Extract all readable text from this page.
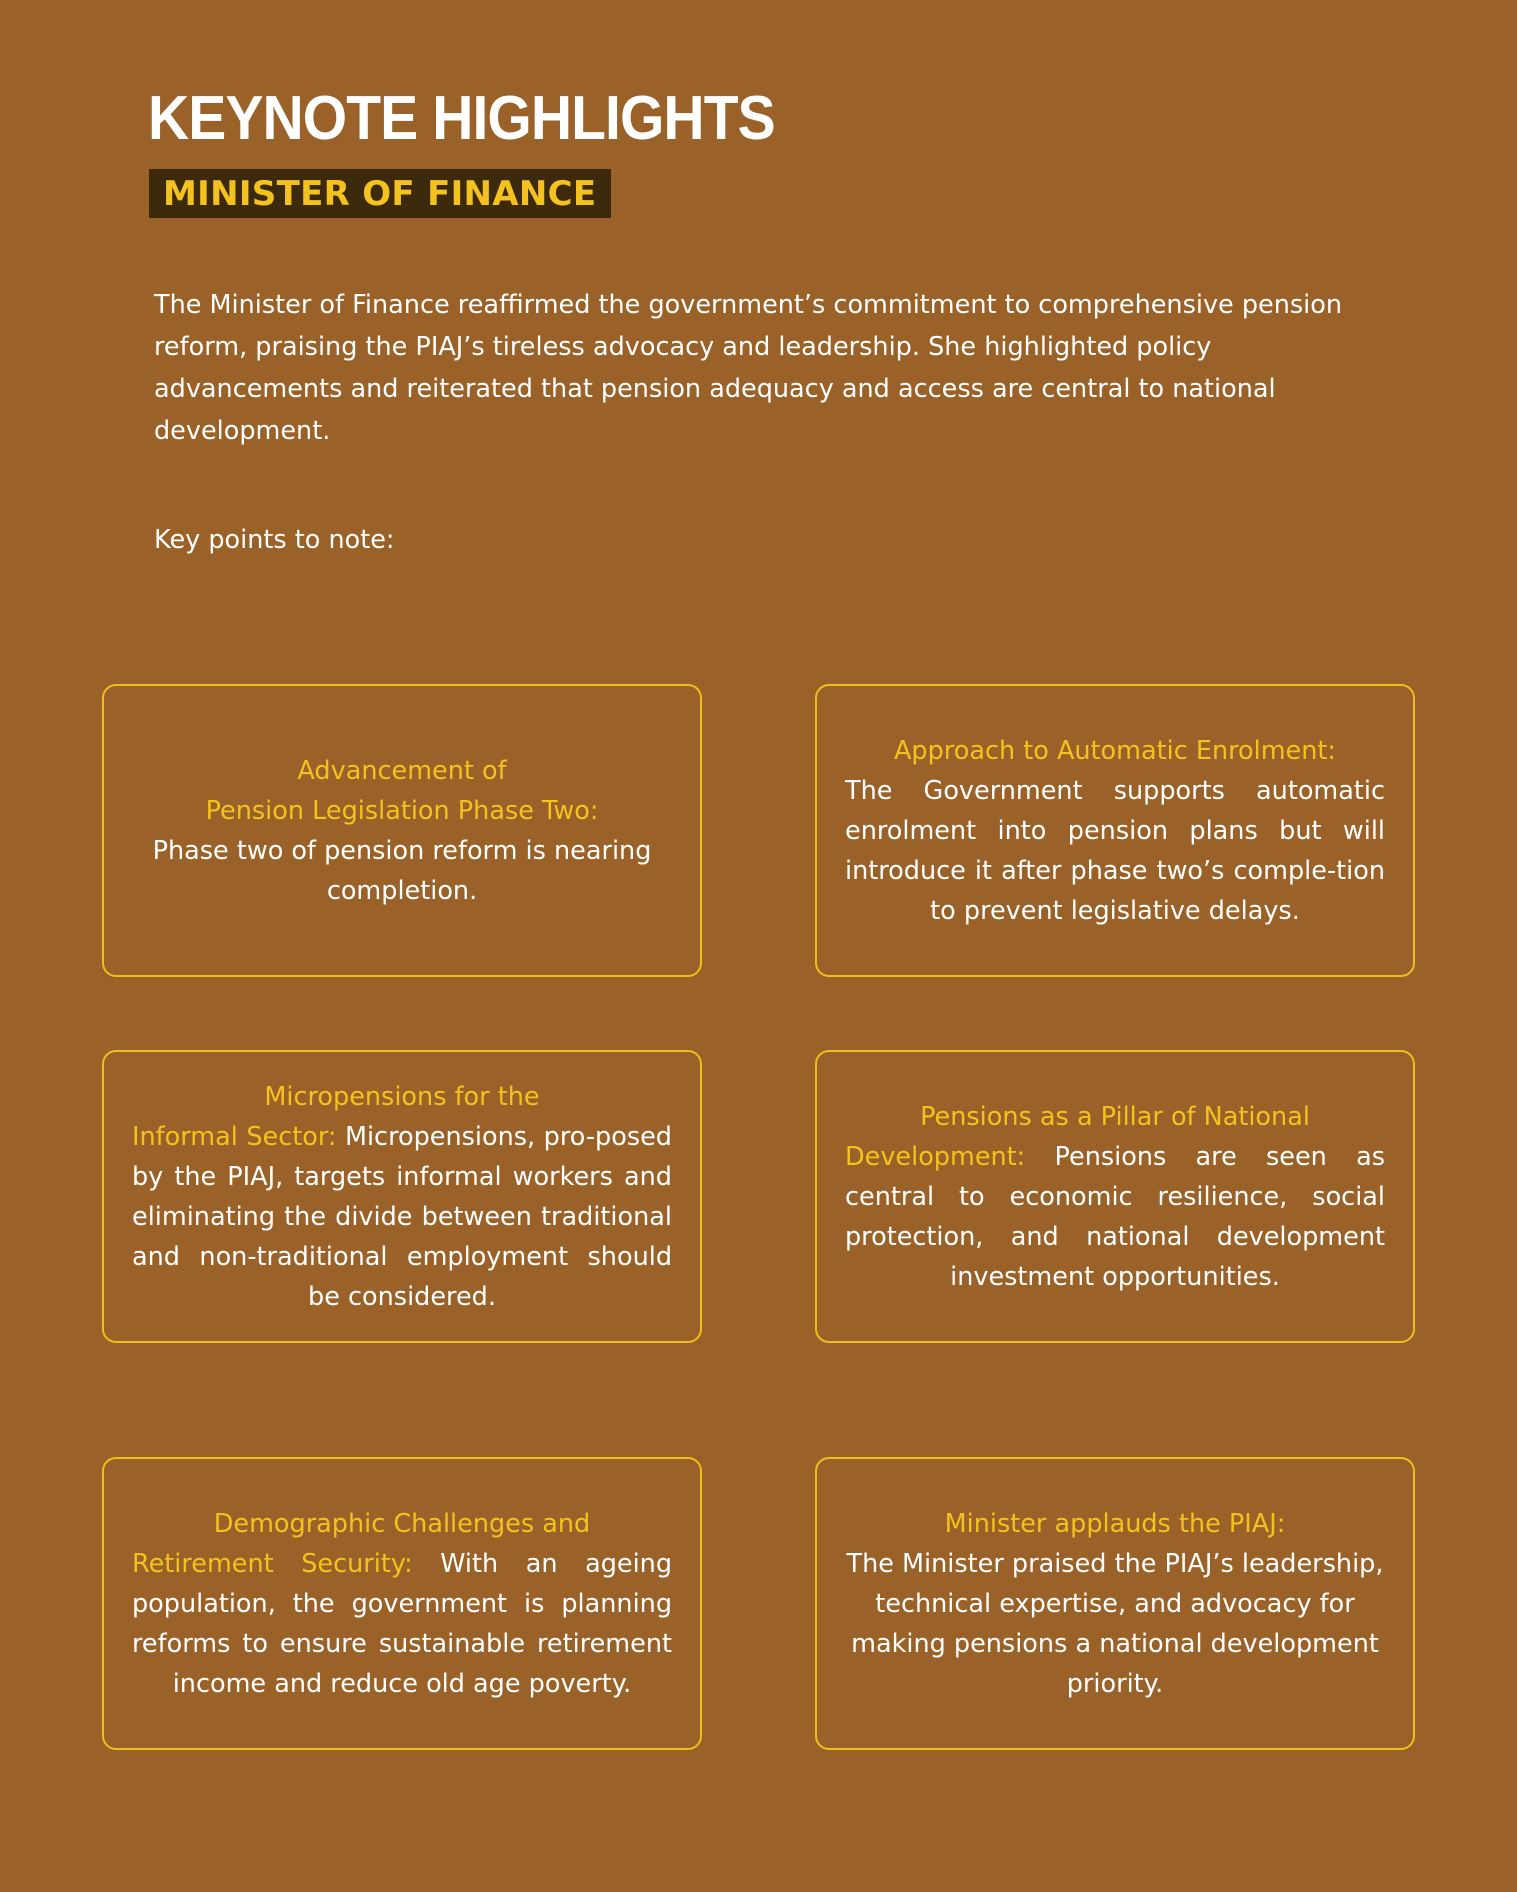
KEYNOTE HIGHLIGHTS
MINISTER OF FINANCE

The Minister of Finance reaffirmed the government’s commitment to comprehensive pension reform, praising the PIAJ’s tireless advocacy and leadership. She highlighted policy advancements and reiterated that pension adequacy and access are central to national development.

Key points to note:

Advancement of
Pension Legislation Phase Two:
Phase two of pension reform is nearing completion.

Approach to Automatic Enrolment:
The Government supports automatic enrolment into pension plans but will introduce it after phase two’s comple-tion to prevent legislative delays.

Micropensions for the
Informal Sector: Micropensions, pro-posed by the PIAJ, targets informal workers and eliminating the divide between traditional and non-traditional employment should be considered.

Pensions as a Pillar of National
Development: Pensions are seen as central to economic resilience, social protection, and national development investment opportunities.

Demographic Challenges and
Retirement Security: With an ageing population, the government is planning reforms to ensure sustainable retirement income and reduce old age poverty.

Minister applauds the PIAJ:
The Minister praised the PIAJ’s leadership, technical expertise, and advocacy for making pensions a national development priority.
